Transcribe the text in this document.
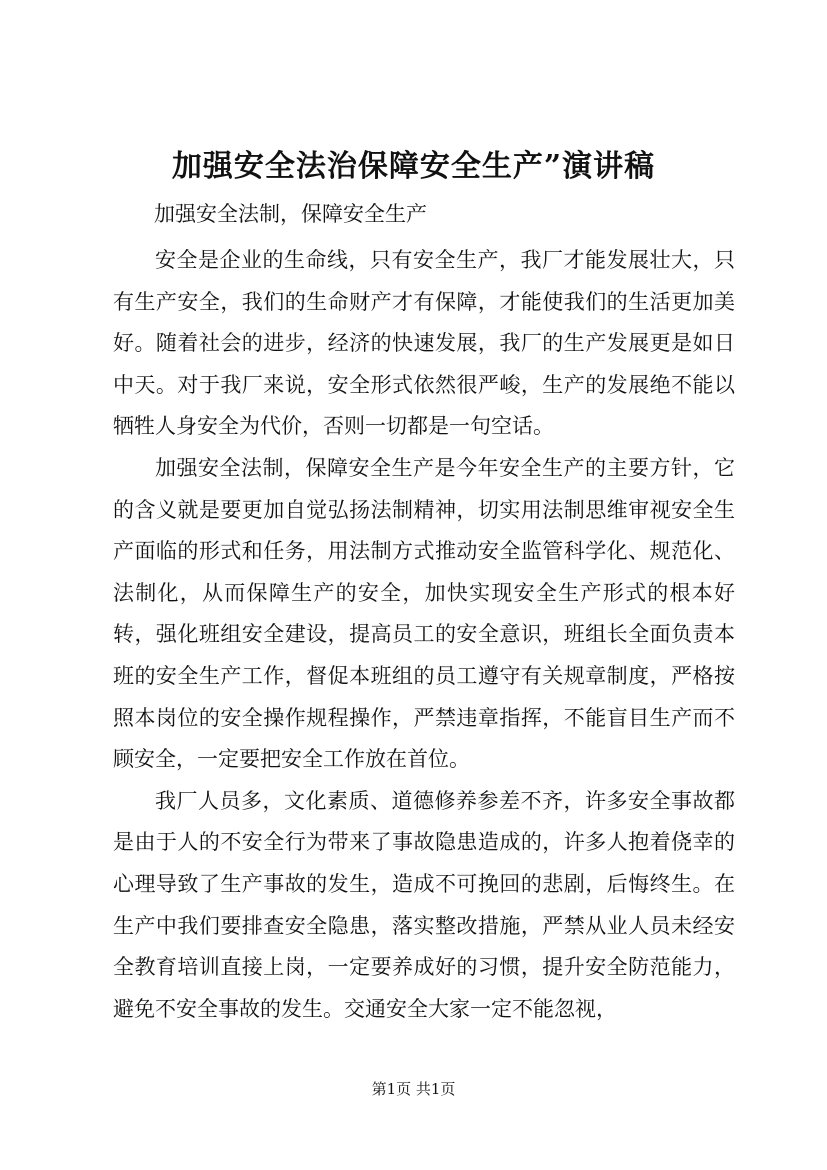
加强安全法治保障安全生产”演讲稿
加强安全法制，保障安全生产

安全是企业的生命线，只有安全生产，我厂才能发展壮大，只有生产安全，我们的生命财产才有保障，才能使我们的生活更加美好。随着社会的进步，经济的快速发展，我厂的生产发展更是如日中天。对于我厂来说，安全形式依然很严峻，生产的发展绝不能以牺牲人身安全为代价，否则一切都是一句空话。

加强安全法制，保障安全生产是今年安全生产的主要方针，它的含义就是要更加自觉弘扬法制精神，切实用法制思维审视安全生产面临的形式和任务，用法制方式推动安全监管科学化、规范化、法制化，从而保障生产的安全，加快实现安全生产形式的根本好转，强化班组安全建设，提高员工的安全意识，班组长全面负责本班的安全生产工作，督促本班组的员工遵守有关规章制度，严格按照本岗位的安全操作规程操作，严禁违章指挥，不能盲目生产而不顾安全，一定要把安全工作放在首位。

我厂人员多，文化素质、道德修养参差不齐，许多安全事故都是由于人的不安全行为带来了事故隐患造成的，许多人抱着侥幸的心理导致了生产事故的发生，造成不可挽回的悲剧，后悔终生。在生产中我们要排查安全隐患，落实整改措施，严禁从业人员未经安全教育培训直接上岗，一定要养成好的习惯，提升安全防范能力，避免不安全事故的发生。交通安全大家一定不能忽视，

第1页 共1页
